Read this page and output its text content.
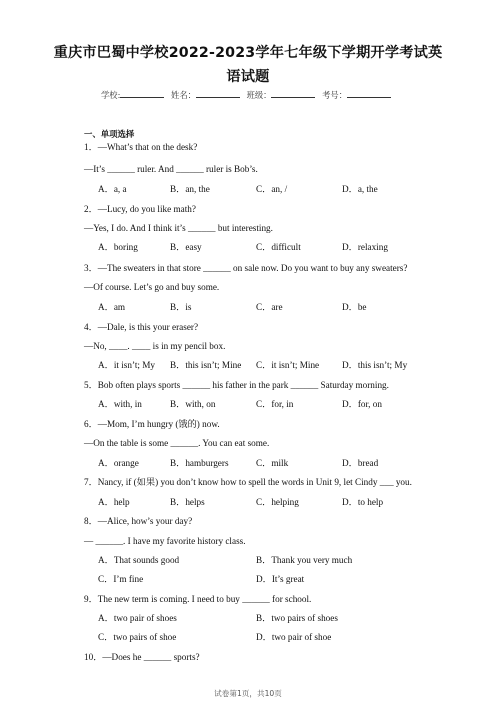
重庆市巴蜀中学校2022-2023学年七年级下学期开学考试英
语试题
学校:	姓名：	班级：	考号：
一、单项选择
1．—What’s that on the desk?
—It’s ______ ruler. And ______ ruler is Bob’s.
A．a, a	B．an, the	C．an, /	D．a, the
2．—Lucy, do you like math?
—Yes, I do. And I think it’s ______ but interesting.
A．boring	B．easy	C．difficult	D．relaxing
3．—The sweaters in that store ______ on sale now. Do you want to buy any sweaters?
—Of course. Let’s go and buy some.
A．am	B．is	C．are	D．be
4．—Dale, is this your eraser?
—No, ____. ____ is in my pencil box.
A．it isn’t; My B．this isn’t; Mine C．it isn’t; Mine D．this isn’t; My
5．Bob often plays sports ______ his father in the park ______ Saturday morning.
A．with, in	B．with, on	C．for, in	D．for, on
6．—Mom, I’m hungry (饿的) now.
—On the table is some ______. You can eat some.
A．orange	B．hamburgers	C．milk	D．bread
7．Nancy, if (如果) you don’t know how to spell the words in Unit 9, let Cindy ___ you.
A．help	B．helps	C．helping	D．to help
8．—Alice, how’s your day?
— ______. I have my favorite history class.
A．That sounds good	B．Thank you very much
C．I’m fine	D．It’s great
9．The new term is coming. I need to buy ______ for school.
A．two pair of shoes	B．two pairs of shoes
C．two pairs of shoe	D．two pair of shoe
10．—Does he ______ sports?
试卷第1页，共10页
